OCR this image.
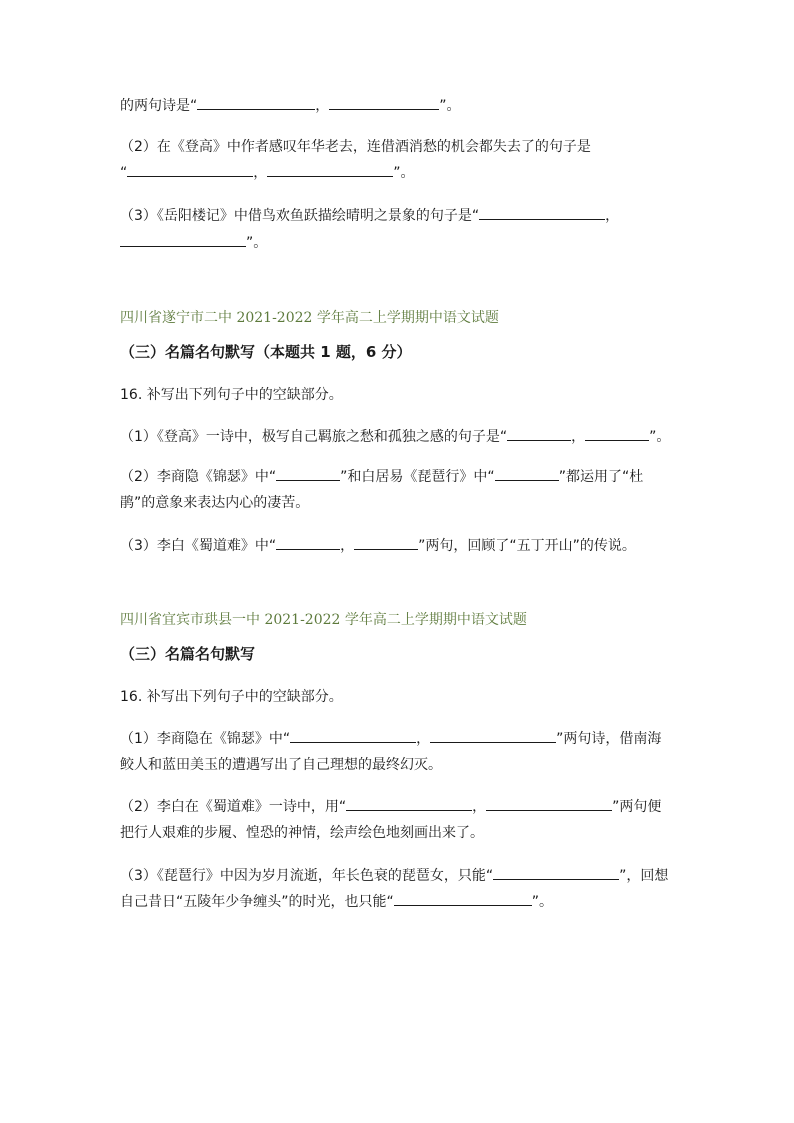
的两句诗是“	，	”。
（2）在《登高》中作者感叹年华老去，连借酒消愁的机会都失去了的句子是
“	，	”。
（3）《岳阳楼记》中借鸟欢鱼跃描绘晴明之景象的句子是“	，
”。
四川省遂宁市二中 2021-2022 学年高二上学期期中语文试题
（三）名篇名句默写（本题共 1 题，6 分）
16. 补写出下列句子中的空缺部分。
（1）《登高》一诗中，极写自己羁旅之愁和孤独之感的句子是“	，	”。
（2）李商隐《锦瑟》中“	”和白居易《琵琶行》中“	”都运用了“杜
鹃”的意象来表达内心的凄苦。
（3）李白《蜀道难》中“	，	”两句，回顾了“五丁开山”的传说。
四川省宜宾市珙县一中 2021-2022 学年高二上学期期中语文试题
（三）名篇名句默写
16. 补写出下列句子中的空缺部分。
（1）李商隐在《锦瑟》中“	，	”两句诗，借南海
鲛人和蓝田美玉的遭遇写出了自己理想的最终幻灭。
（2）李白在《蜀道难》一诗中，用“	，	”两句便
把行人艰难的步履、惶恐的神情，绘声绘色地刻画出来了。
（3）《琵琶行》中因为岁月流逝，年长色衰的琵琶女，只能“	”，回想
自己昔日“五陵年少争缠头”的时光，也只能“	”。
